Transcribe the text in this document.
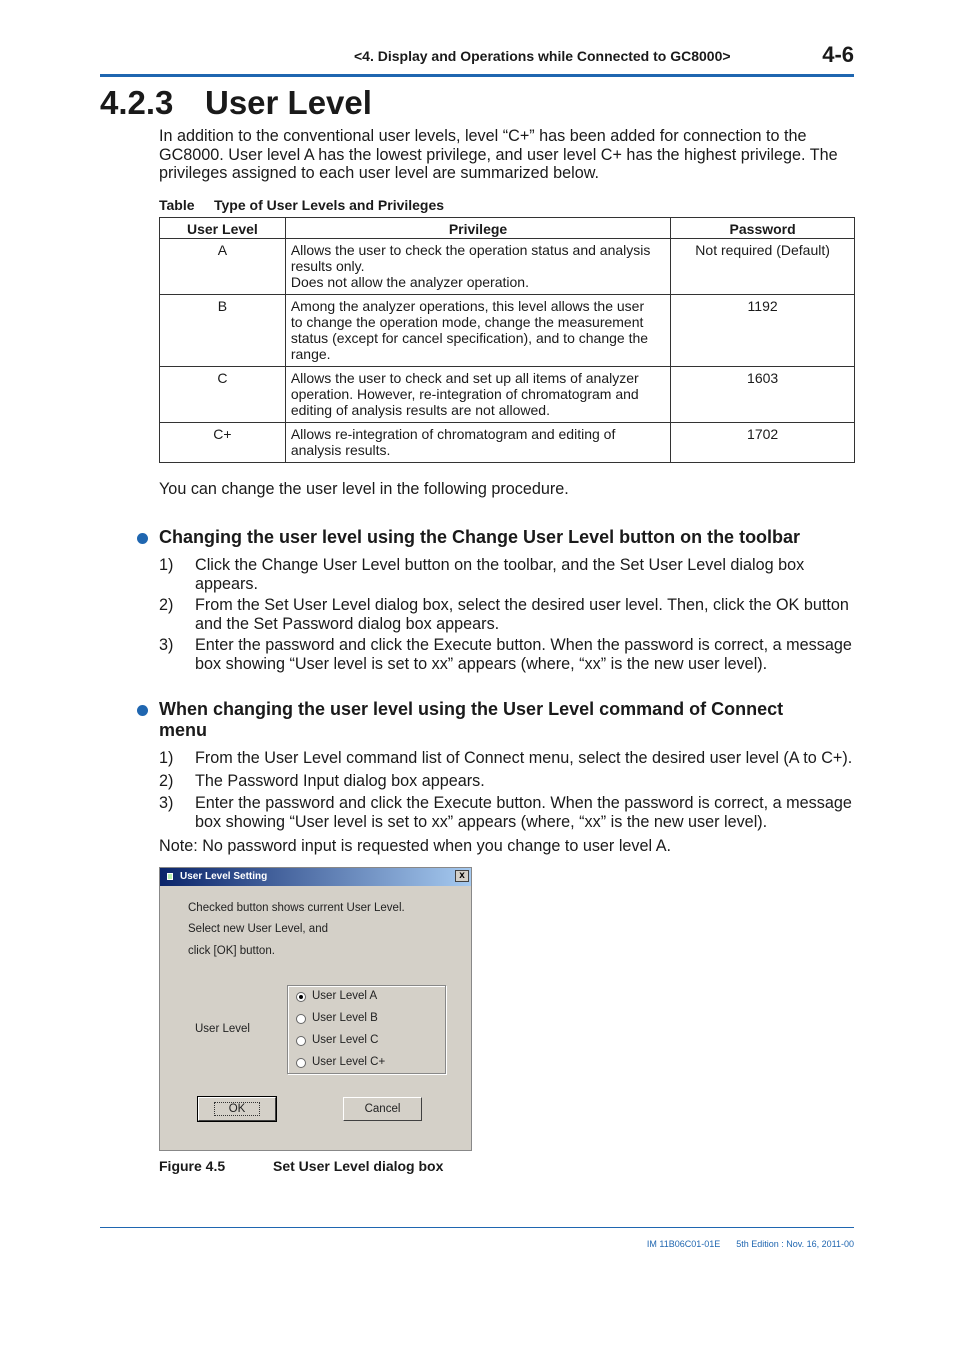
<4. Display and Operations while Connected to GC8000>	4-6
4.2.3 User Level

In addition to the conventional user levels, level “C+” has been added for connection to the
GC8000. User level A has the lowest privilege, and user level C+ has the highest privilege. The
privileges assigned to each user level are summarized below.

Table Type of User Levels and Privileges
User Level	Privilege	Password
A	Allows the user to check the operation status and analysis
results only.
Does not allow the analyzer operation.	Not required (Default)
B	Among the analyzer operations, this level allows the user
to change the operation mode, change the measurement
status (except for cancel specification), and to change the
range.	1192
C	Allows the user to check and set up all items of analyzer
operation. However, re-integration of chromatogram and
editing of analysis results are not allowed.	1603
C+	Allows re-integration of chromatogram and editing of
analysis results.	1702

You can change the user level in the following procedure.

Changing the user level using the Change User Level button on the toolbar
1) Click the Change User Level button on the toolbar, and the Set User Level dialog box
appears.
2) From the Set User Level dialog box, select the desired user level. Then, click the OK button
and the Set Password dialog box appears.
3) Enter the password and click the Execute button. When the password is correct, a message
box showing “User level is set to xx” appears (where, “xx” is the new user level).
When changing the user level using the User Level command of Connect
menu
1) From the User Level command list of Connect menu, select the desired user level (A to C+).
2) The Password Input dialog box appears.
3) Enter the password and click the Execute button. When the password is correct, a message
box showing “User level is set to xx” appears (where, “xx” is the new user level).

Note: No password input is requested when you change to user level A.

User Level Setting	x
Checked button shows current User Level.
Select new User Level, and
click [OK] button.
User Level
User Level A
User Level B
User Level C
User Level C+
OK	Cancel
Figure 4.5	Set User Level dialog box
IM 11B06C01-01E 5th Edition : Nov. 16, 2011-00
